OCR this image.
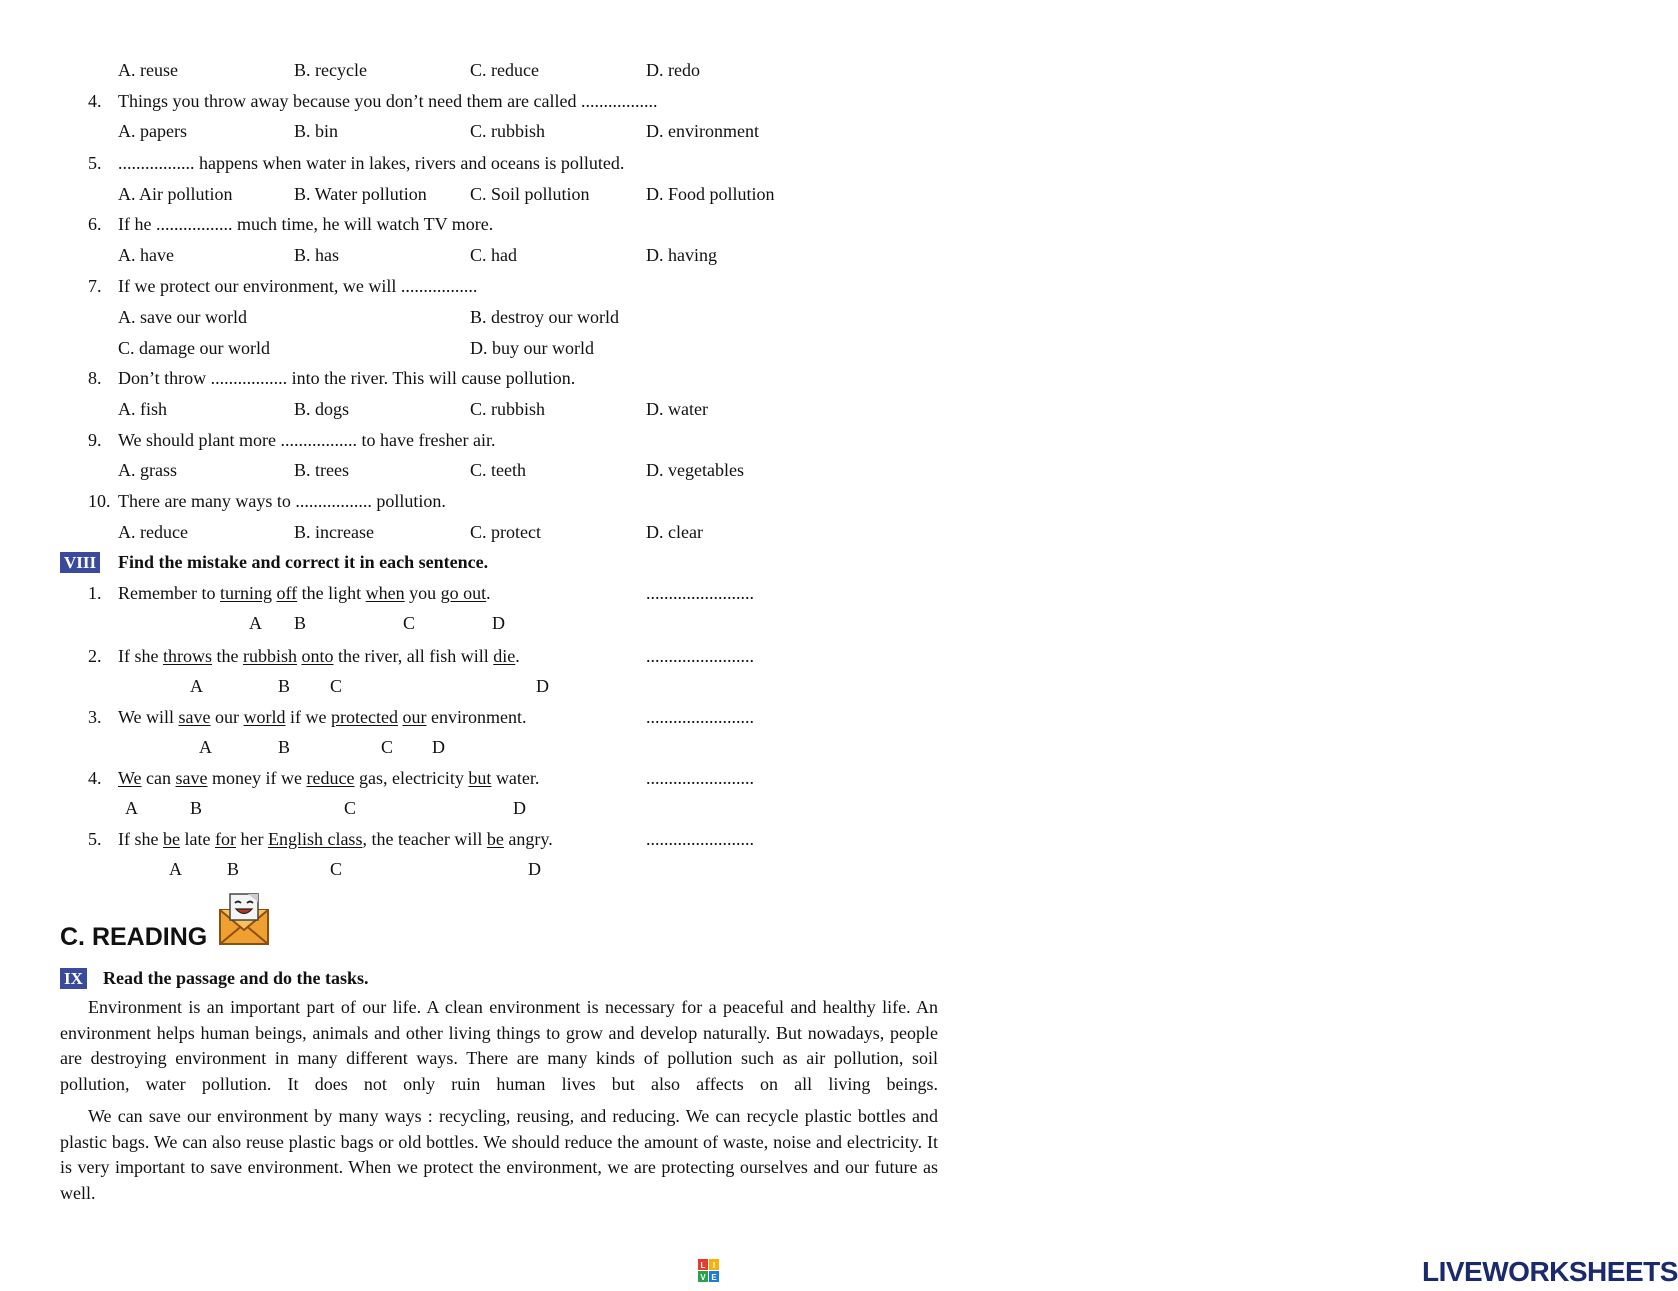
A. reuse	B. recycle	C. reduce	D. redo
4. Things you throw away because you don’t need them are called .................
A. papers	B. bin	C. rubbish	D. environment
5. ................. happens when water in lakes, rivers and oceans is polluted.
A. Air pollution	B. Water pollution C. Soil pollution	D. Food pollution
6. If he ................. much time, he will watch TV more.
A. have	B. has	C. had	D. having
7. If we protect our environment, we will .................
A. save our world	B. destroy our world
C. damage our world	D. buy our world
8. Don’t throw ................. into the river. This will cause pollution.
A. fish	B. dogs	C. rubbish	D. water
9. We should plant more ................. to have fresher air.
A. grass	B. trees	C. teeth	D. vegetables
10. There are many ways to ................. pollution.
A. reduce	B. increase	C. protect	D. clear
VIII Find the mistake and correct it in each sentence.
1. Remember to turning off the light when you go out.	........................
A B	C	D
2. If she throws the rubbish onto the river, all fish will die.	........................
A	B C	D
3. We will save our world if we protected our environment.	........................
A	B	C D
4. We can save money if we reduce gas, electricity but water.	........................
A	B	C	D
5. If she be late for her English class, the teacher will be angry.	........................
A	B	C	D
C. READING
IX Read the passage and do the tasks.
Environment is an important part of our life. A clean environment is necessary for a peaceful and healthy life. An environment helps human beings, animals and other living things to grow and develop naturally. But nowadays, people are destroying environment in many different ways. There are many kinds of pollution such as air pollution, soil pollution, water pollution. It does not only ruin human lives but also affects on all living beings.
We can save our environment by many ways : recycling, reusing, and reducing. We can recycle plastic bottles and plastic bags. We can also reuse plastic bags or old bottles. We should reduce the amount of waste, noise and electricity. It is very important to save environment. When we protect the environment, we are protecting ourselves and our future as well.
L I
V E	LIVEWORKSHEETS
